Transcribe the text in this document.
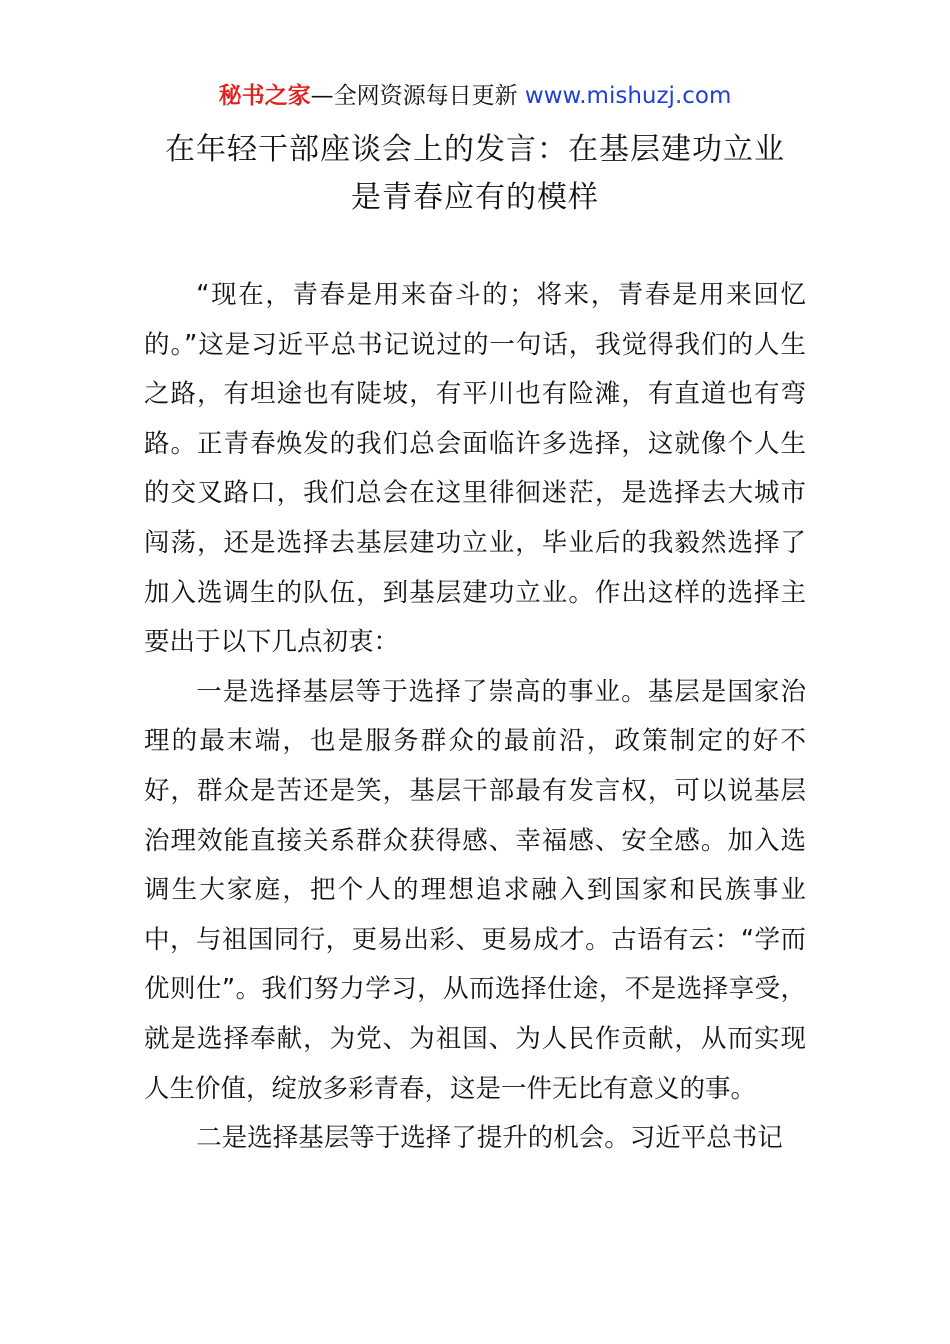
秘书之家—全网资源每日更新 www.mishuzj.com
在年轻干部座谈会上的发言：在基层建功立业
是青春应有的模样

“现在，青春是用来奋斗的；将来，青春是用来回忆的。”这是习近平总书记说过的一句话，我觉得我们的人生之路，有坦途也有陡坡，有平川也有险滩，有直道也有弯路。正青春焕发的我们总会面临许多选择，这就像个人生的交叉路口，我们总会在这里徘徊迷茫，是选择去大城市闯荡，还是选择去基层建功立业，毕业后的我毅然选择了加入选调生的队伍，到基层建功立业。作出这样的选择主要出于以下几点初衷：

一是选择基层等于选择了崇高的事业。基层是国家治理的最末端，也是服务群众的最前沿，政策制定的好不好，群众是苦还是笑，基层干部最有发言权，可以说基层治理效能直接关系群众获得感、幸福感、安全感。加入选调生大家庭，把个人的理想追求融入到国家和民族事业中，与祖国同行，更易出彩、更易成才。古语有云：“学而优则仕”。我们努力学习，从而选择仕途，不是选择享受，就是选择奉献，为党、为祖国、为人民作贡献，从而实现人生价值，绽放多彩青春，这是一件无比有意义的事。

二是选择基层等于选择了提升的机会。习近平总书记
